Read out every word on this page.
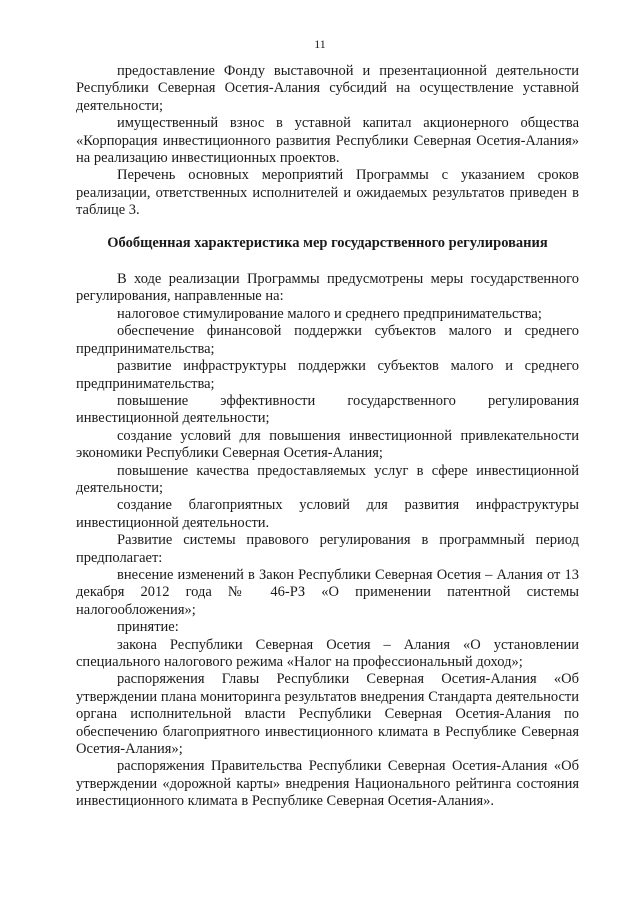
11

предоставление Фонду выставочной и презентационной деятельности Республики Северная Осетия-Алания субсидий на осуществление уставной деятельности;

имущественный взнос в уставной капитал акционерного общества «Корпорация инвестиционного развития Республики Северная Осетия-Алания» на реализацию инвестиционных проектов.

Перечень основных мероприятий Программы с указанием сроков реализации, ответственных исполнителей и ожидаемых результатов приведен в таблице 3.

Обобщенная характеристика мер государственного регулирования

В ходе реализации Программы предусмотрены меры государственного регулирования, направленные на:

налоговое стимулирование малого и среднего предпринимательства;

обеспечение финансовой поддержки субъектов малого и среднего предпринимательства;

развитие инфраструктуры поддержки субъектов малого и среднего предпринимательства;

повышение эффективности государственного регулирования инвестиционной деятельности;

создание условий для повышения инвестиционной привлекательности экономики Республики Северная Осетия-Алания;

повышение качества предоставляемых услуг в сфере инвестиционной деятельности;

создание благоприятных условий для развития инфраструктуры инвестиционной деятельности.

Развитие системы правового регулирования в программный период предполагает:

внесение изменений в Закон Республики Северная Осетия – Алания от 13 декабря 2012 года № 46-РЗ «О применении патентной системы налогообложения»;

принятие:

закона Республики Северная Осетия – Алания «О установлении специального налогового режима «Налог на профессиональный доход»;

распоряжения Главы Республики Северная Осетия-Алания «Об утверждении плана мониторинга результатов внедрения Стандарта деятельности органа исполнительной власти Республики Северная Осетия-Алания по обеспечению благоприятного инвестиционного климата в Республике Северная Осетия-Алания»;

распоряжения Правительства Республики Северная Осетия-Алания «Об утверждении «дорожной карты» внедрения Национального рейтинга состояния инвестиционного климата в Республике Северная Осетия-Алания».
